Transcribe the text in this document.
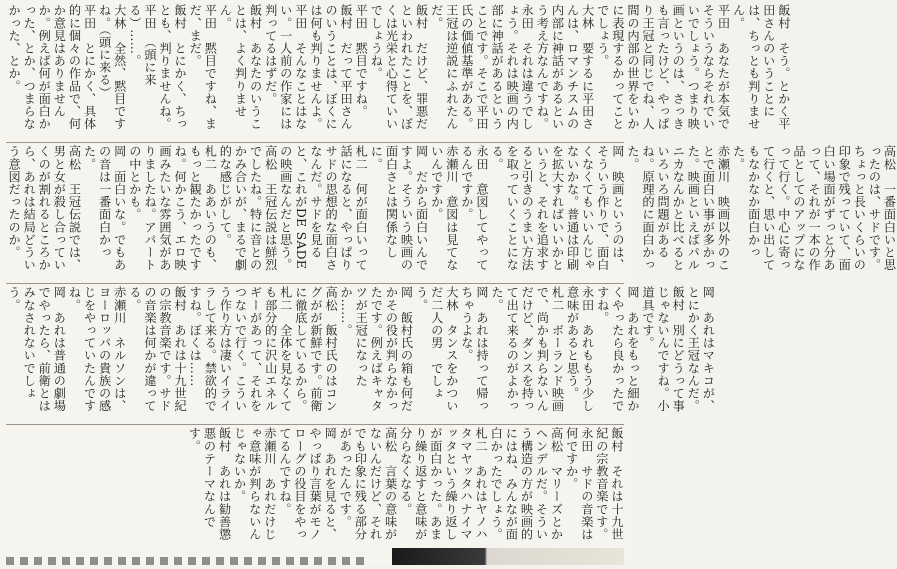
飯村　そう。とかく平田さんのいうことには、ちっとも判りません。
平田　あなたが本気でそういうならそれでいいでしょう。つまり映画というのは、さっきも言ったけど、やっぱり王冠と同じでね、人間の内部の世界をいかに表現するかってことでしょう。
大林　要するに平田さんは、ロマンチスムの内部に神話があるという考え方なんですね。
永田　それは違うでしょう。それは映画の内部に神話があるということです。そこで平田氏の価値基準がある。王冠は逆説にふれたんだ。
飯村　だけど、罪悪だといわれたことを、ぼくは光栄と心得ていいでしょうね。
平田　黙目ですね。
飯村　だって平田さんのいうことは、ぼくには何も判りませんよ。
平田　そんなことはない。一人前の作家には判ってるはずだ。
飯村　あなたのいうことは、よく判りません。
平田　黙目ですね、まだ、まだ。
飯村　とにかく、ちっとも、判りませんね。
平田　（頭に来る）……。
大林　全然、黙目ですね。（頭に来る）
平田　とにかく、具体的に個々の作品で、何か意見はありませんか。例えば何が面白かった、とか、つまらなかった、とか。
高松　一番面白いと思ったのは、サドです。ちょっと長いくらいの印象で残っていて、面白い場面がずっと分あって、それが一本の作品としてのアップになって行く。中心に寄って行くと、思い出してもなかなか面白かった。
赤瀬川　映画以外のことで面白い事が多かった。映画といえばパルニカなんかと比べるといろいろ問題があるね。原理的に面白かった。
岡　映画というのは、そういう作りで、面白くなくてもいいんじゃないかな。普通は印刷を拡大すればいいかというと、それを追求すると引きのうまい方法を取っていくことになる。
永田　意図してやってるんですか。
赤瀬川　意図は見てないんですか。
岡　だから面白いんですよ。そういう映画の面白さとは関係なしに。
札二　何が面白いって話になると、やっぱりサドの思想的な面白さなんだ。サドを見ると、これがDE SADEの映画なんだと思う。
高松　王冠伝説は鮮烈でしたね。特に音とのかみ合いが、まるで劇的な感じがして。
札二　ああいうのも、もっと観たかったですね。何かこう、エロ映画みたいな雰囲気がありましたね。アパートの中とかも。
岡　面白いな。でもあの音は一番面白かった。
高松　王冠伝説では、男と女が殺し合っていくのが割れるところから、あれは結局どういう意図だったのか。
岡　あれはマキコが、とにかく王冠なんだ。
飯村　別にどうって事じゃないんですね。小道具です。
岡　あれをもっと細かくやったら良かったですね。
永田　あれももう少し意味があると思う。
札二　ボーランド映画で、尚かも判らないんだけど、ダンスを持って出て来るのがよかった。
岡　あれは持って帰っちゃうよな。
大林　タンスをかついだ二人の男　でしょう。
岡　飯村氏の箱も何だかその役が判らなかったです。例えばキャタツが王冠になったか……。
高松　飯村氏のはコングがが新鮮です。前衛に徹底しているから。
札二　全体を見なくても部分的に沢山エネルギーがあって、それをつないで行く。こういう作り方は凄いイライラして来る。禁欲的ですね。ぼくは……
飯村　あれは十九世紀の宗教音楽です。サドの音楽は何かが違ってる。
赤瀬川　ネルソンは、ヨーロッパの貴族の感じをやっていたんですね。
岡　あれは普通の劇場でやったら、前衛とはみなされないでしょう。
飯村　それは十九世紀の宗教音楽です。
永田　サドの音楽は何ですか。
高松　マリーズとかヘンデルだ。そういう構造の方が映画的にはね、みんなが面白かったでしょう。
札二　あれはヤノハタマヤッタハナイマッタという繰り返しが面白かった。あまり繰り返すと意味が分らなくなる。
高松　言葉の意味がないんだけど、それでも印象に残る部分があったんです。
岡　あれを見ると、やっぱり言葉がモノローグの役目をやってるんですね。
赤瀬川　あれだけじゃ意味が判らないんじゃないか。
飯村　あれは勧善懲悪のテーマなんです。
